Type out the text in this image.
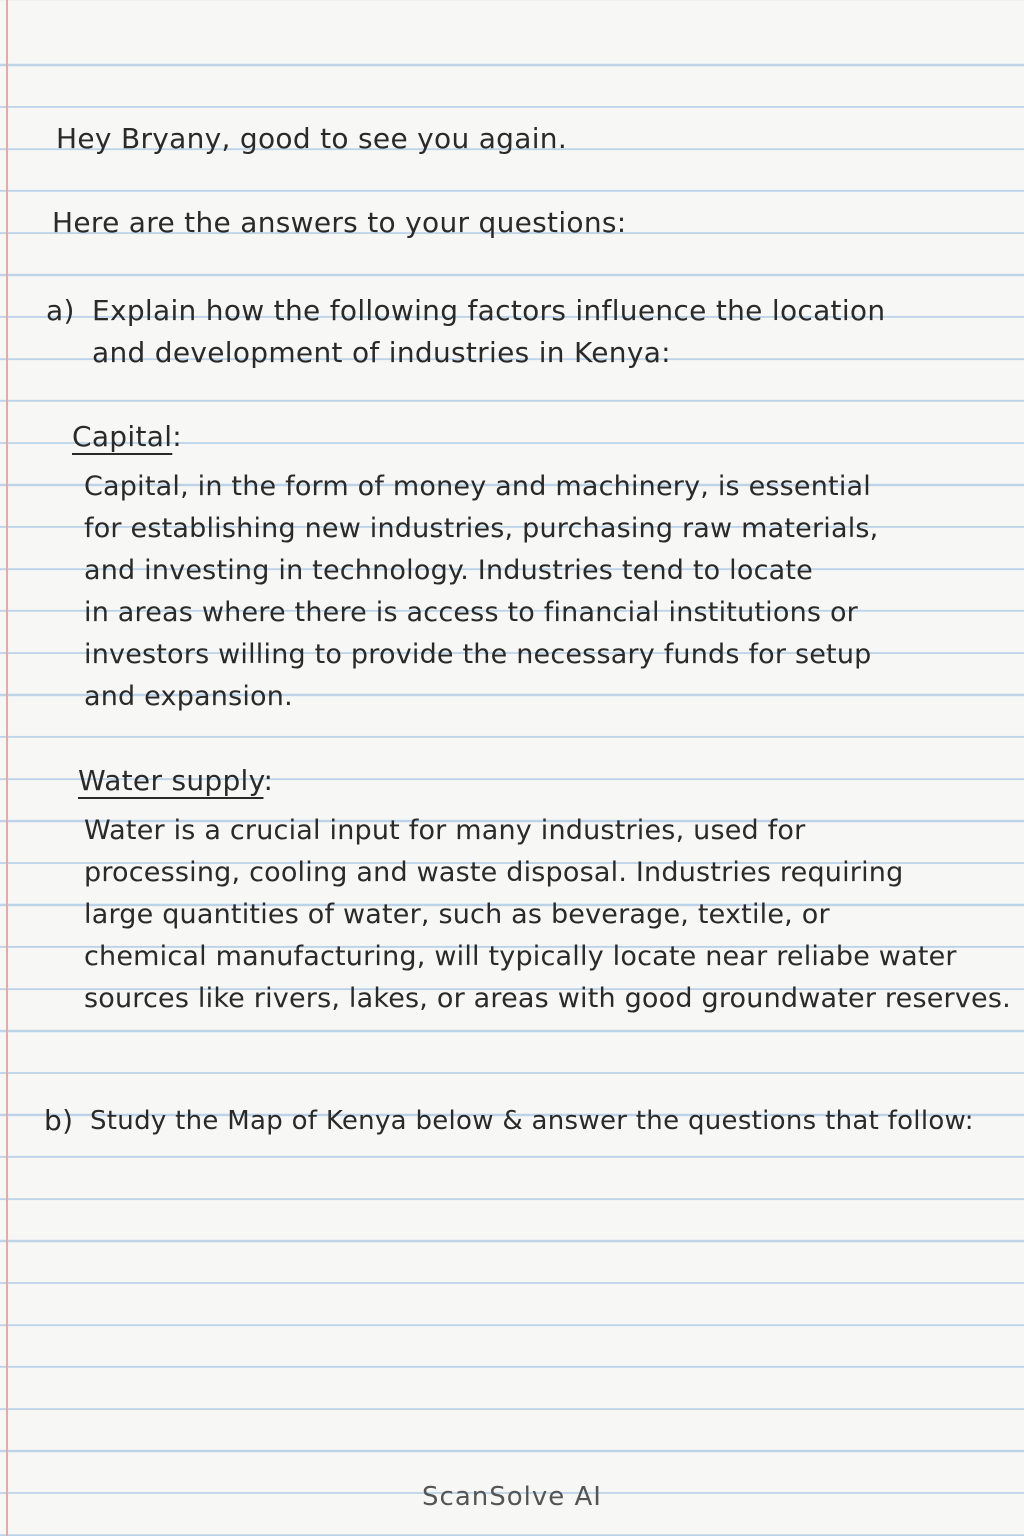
Hey Bryany, good to see you again.

Here are the answers to your questions:

a) Explain how the following factors influence the location

and development of industries in Kenya:

Capital:

Capital, in the form of money and machinery, is essential
for establishing new industries, purchasing raw materials,
and investing in technology. Industries tend to locate
in areas where there is access to financial institutions or
investors willing to provide the necessary funds for setup
and expansion.

Water supply:

Water is a crucial input for many industries, used for
processing, cooling and waste disposal. Industries requiring
large quantities of water, such as beverage, textile, or
chemical manufacturing, will typically locate near reliabe water
sources like rivers, lakes, or areas with good groundwater reserves.

b) Study the Map of Kenya below & answer the questions that follow:

ScanSolve AI
